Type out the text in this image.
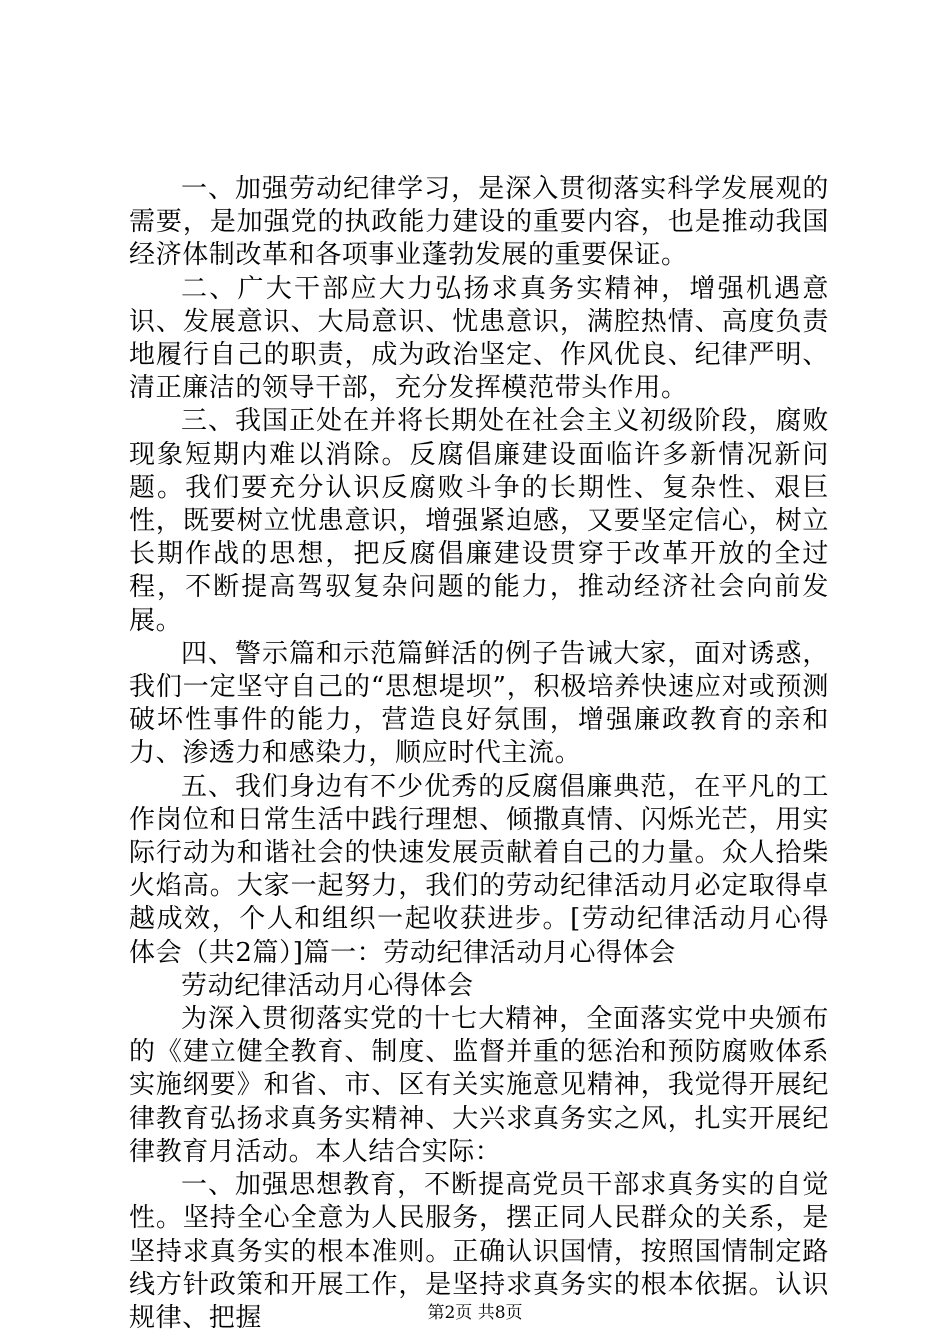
一、加强劳动纪律学习，是深入贯彻落实科学发展观的需要，是加强党的执政能力建设的重要内容，也是推动我国经济体制改革和各项事业蓬勃发展的重要保证。

二、广大干部应大力弘扬求真务实精神，增强机遇意识、发展意识、大局意识、忧患意识，满腔热情、高度负责地履行自己的职责，成为政治坚定、作风优良、纪律严明、清正廉洁的领导干部，充分发挥模范带头作用。

三、我国正处在并将长期处在社会主义初级阶段，腐败现象短期内难以消除。反腐倡廉建设面临许多新情况新问题。我们要充分认识反腐败斗争的长期性、复杂性、艰巨性，既要树立忧患意识，增强紧迫感，又要坚定信心，树立长期作战的思想，把反腐倡廉建设贯穿于改革开放的全过程，不断提高驾驭复杂问题的能力，推动经济社会向前发展。

四、警示篇和示范篇鲜活的例子告诫大家，面对诱惑，我们一定坚守自己的“思想堤坝”，积极培养快速应对或预测破坏性事件的能力，营造良好氛围，增强廉政教育的亲和力、渗透力和感染力，顺应时代主流。

五、我们身边有不少优秀的反腐倡廉典范，在平凡的工作岗位和日常生活中践行理想、倾撒真情、闪烁光芒，用实际行动为和谐社会的快速发展贡献着自己的力量。众人拾柴火焰高。大家一起努力，我们的劳动纪律活动月必定取得卓越成效，个人和组织一起收获进步。[劳动纪律活动月心得体会（共2篇）]篇一：劳动纪律活动月心得体会

劳动纪律活动月心得体会

为深入贯彻落实党的十七大精神，全面落实党中央颁布的《建立健全教育、制度、监督并重的惩治和预防腐败体系实施纲要》和省、市、区有关实施意见精神，我觉得开展纪律教育弘扬求真务实精神、大兴求真务实之风，扎实开展纪律教育月活动。本人结合实际：

一、加强思想教育，不断提高党员干部求真务实的自觉性。坚持全心全意为人民服务，摆正同人民群众的关系，是坚持求真务实的根本准则。正确认识国情，按照国情制定路线方针政策和开展工作，是坚持求真务实的根本依据。认识规律、把握	第2页 共8页
